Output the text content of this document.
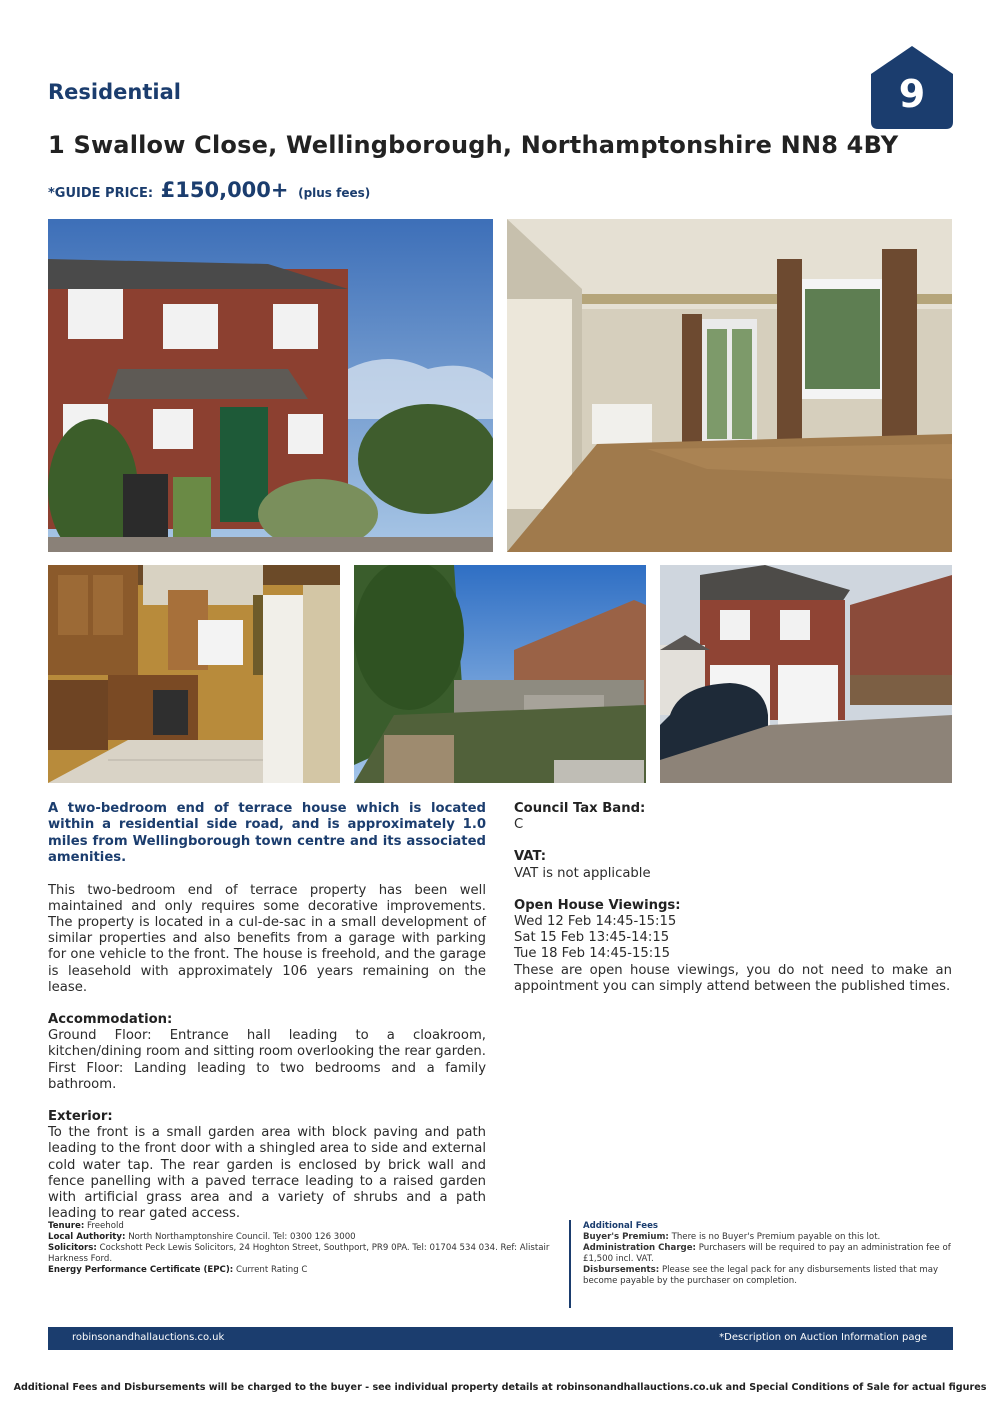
Residential	9
1 Swallow Close, Wellingborough, Northamptonshire NN8 4BY
*GUIDE PRICE: £150,000+ (plus fees)
A two-bedroom end of terrace house which is located within a residential side road, and is approximately 1.0 miles from Wellingborough town centre and its associated amenities.
This two-bedroom end of terrace property has been well maintained and only requires some decorative improvements. The property is located in a cul-de-sac in a small development of similar properties and also benefits from a garage with parking for one vehicle to the front. The house is freehold, and the garage is leasehold with approximately 106 years remaining on the lease.
Accommodation:
Ground Floor: Entrance hall leading to a cloakroom, kitchen/dining room and sitting room overlooking the rear garden.
First Floor: Landing leading to two bedrooms and a family bathroom.
Exterior:
To the front is a small garden area with block paving and path leading to the front door with a shingled area to side and external cold water tap. The rear garden is enclosed by brick wall and fence panelling with a paved terrace leading to a raised garden with artificial grass area and a variety of shrubs and a path leading to rear gated access.
Council Tax Band:
C
VAT:
VAT is not applicable
Open House Viewings:
Wed 12 Feb 14:45-15:15
Sat 15 Feb 13:45-14:15
Tue 18 Feb 14:45-15:15
These are open house viewings, you do not need to make an appointment you can simply attend between the published times.
Tenure: Freehold
Local Authority: North Northamptonshire Council. Tel: 0300 126 3000
Solicitors: Cockshott Peck Lewis Solicitors, 24 Hoghton Street, Southport, PR9 0PA. Tel: 01704 534 034. Ref: Alistair Harkness Ford.
Energy Performance Certificate (EPC): Current Rating C
Additional Fees
Buyer's Premium: There is no Buyer's Premium payable on this lot.
Administration Charge: Purchasers will be required to pay an administration fee of £1,500 incl. VAT.
Disbursements: Please see the legal pack for any disbursements listed that may become payable by the purchaser on completion.
robinsonandhallauctions.co.uk	*Description on Auction Information page
Additional Fees and Disbursements will be charged to the buyer - see individual property details at robinsonandhallauctions.co.uk and Special Conditions of Sale for actual figures
